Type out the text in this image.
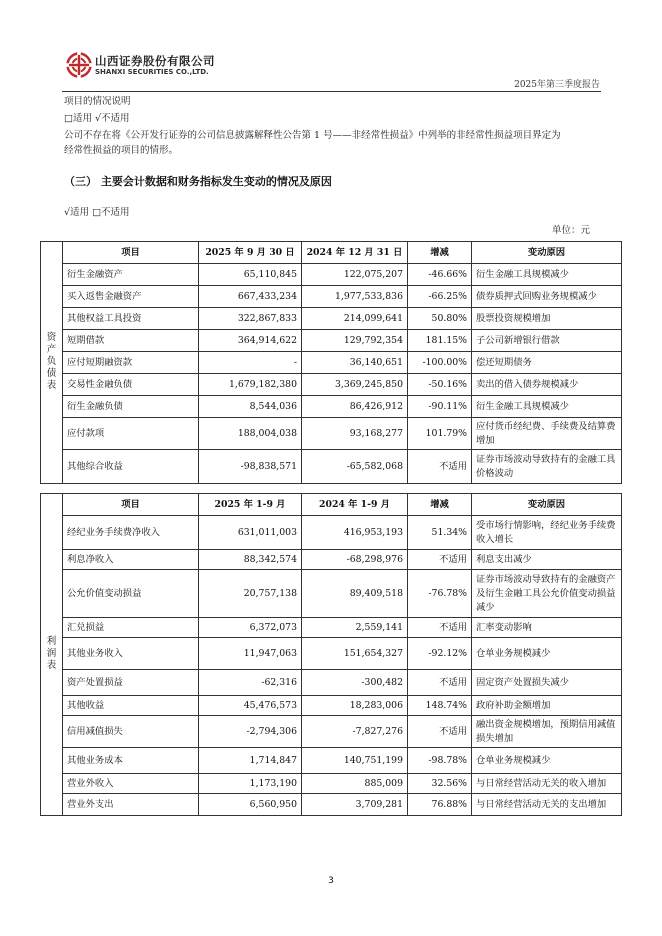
山西证券股份有限公司
SHANXI SECURITIES CO.,LTD.
2025年第三季度报告
项目的情况说明
□适用 √不适用
公司不存在将《公开发行证券的公司信息披露解释性公告第 1 号——非经常性损益》中列举的非经常性损益项目界定为
经常性损益的项目的情形。
（三） 主要会计数据和财务指标发生变动的情况及原因
√适用 □不适用
单位：元
资产负债表	项目	2025 年 9 月 30 日	2024 年 12 月 31 日	增减	变动原因
	衍生金融资产	65,110,845	122,075,207	-46.66%	衍生金融工具规模减少
	买入返售金融资产	667,433,234	1,977,533,836	-66.25%	债券质押式回购业务规模减少
	其他权益工具投资	322,867,833	214,099,641	50.80%	股票投资规模增加
	短期借款	364,914,622	129,792,354	181.15%	子公司新增银行借款
	应付短期融资款	-	36,140,651	-100.00%	偿还短期债务
	交易性金融负债	1,679,182,380	3,369,245,850	-50.16%	卖出的借入债券规模减少
	衍生金融负债	8,544,036	86,426,912	-90.11%	衍生金融工具规模减少
	应付款项	188,004,038	93,168,277	101.79%	应付货币经纪费、手续费及结算费增加
	其他综合收益	-98,838,571	-65,582,068	不适用	证券市场波动导致持有的金融工具价格波动
利润表	项目	2025 年 1-9 月	2024 年 1-9 月	增减	变动原因
	经纪业务手续费净收入	631,011,003	416,953,193	51.34%	受市场行情影响，经纪业务手续费收入增长
	利息净收入	88,342,574	-68,298,976	不适用	利息支出减少
	公允价值变动损益	20,757,138	89,409,518	-76.78%	证券市场波动导致持有的金融资产及衍生金融工具公允价值变动损益减少
	汇兑损益	6,372,073	2,559,141	不适用	汇率变动影响
	其他业务收入	11,947,063	151,654,327	-92.12%	仓单业务规模减少
	资产处置损益	-62,316	-300,482	不适用	固定资产处置损失减少
	其他收益	45,476,573	18,283,006	148.74%	政府补助金额增加
	信用减值损失	-2,794,306	-7,827,276	不适用	融出资金规模增加，预期信用减值损失增加
	其他业务成本	1,714,847	140,751,199	-98.78%	仓单业务规模减少
	营业外收入	1,173,190	885,009	32.56%	与日常经营活动无关的收入增加
	营业外支出	6,560,950	3,709,281	76.88%	与日常经营活动无关的支出增加
3
